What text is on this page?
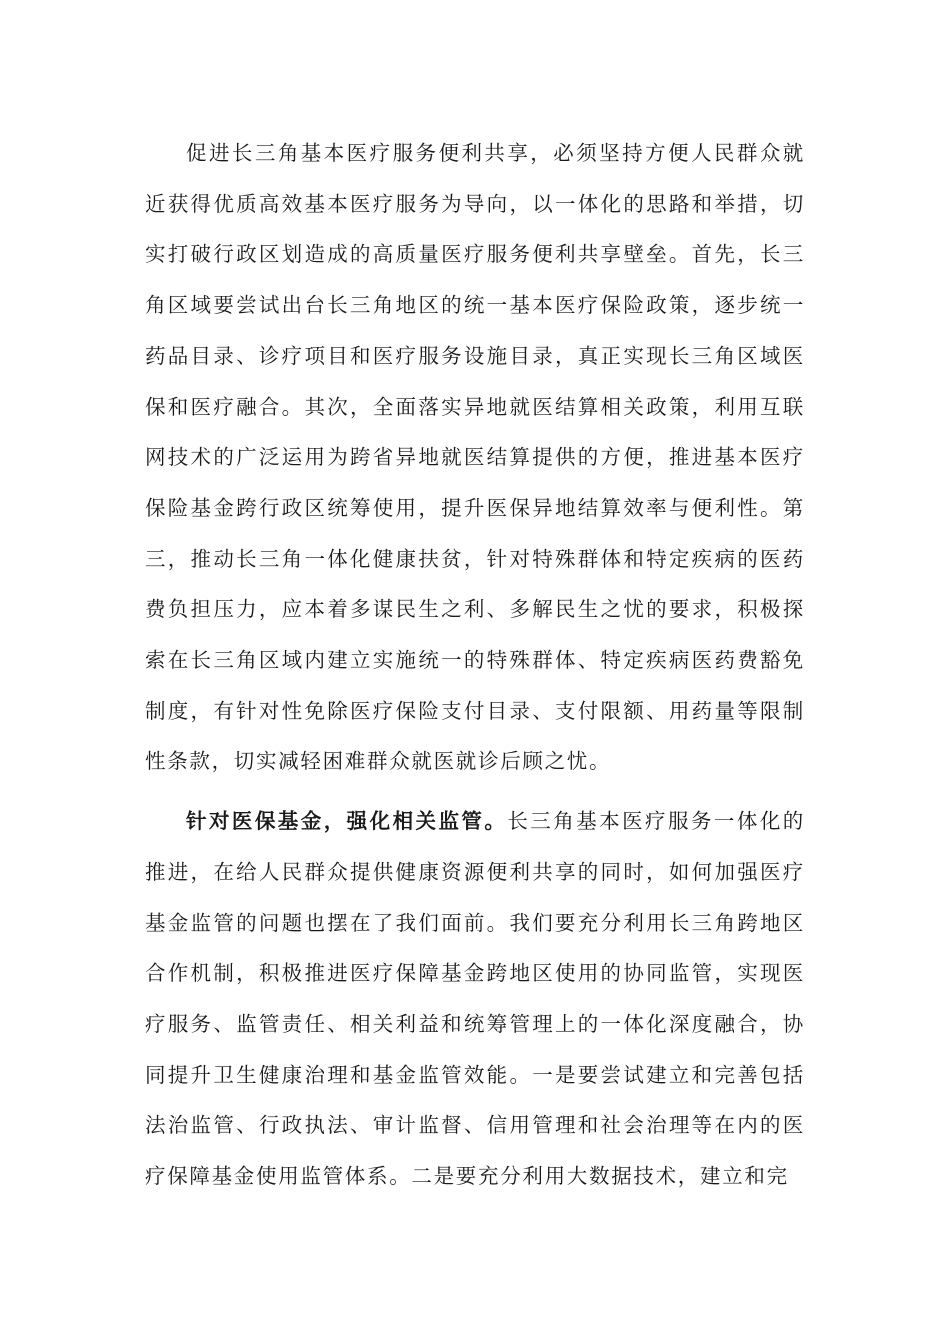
促进长三角基本医疗服务便利共享，必须坚持方便人民群众就近获得优质高效基本医疗服务为导向，以一体化的思路和举措，切实打破行政区划造成的高质量医疗服务便利共享壁垒。首先，长三角区域要尝试出台长三角地区的统一基本医疗保险政策，逐步统一药品目录、诊疗项目和医疗服务设施目录，真正实现长三角区域医保和医疗融合。其次，全面落实异地就医结算相关政策，利用互联网技术的广泛运用为跨省异地就医结算提供的方便，推进基本医疗保险基金跨行政区统筹使用，提升医保异地结算效率与便利性。第三，推动长三角一体化健康扶贫，针对特殊群体和特定疾病的医药费负担压力，应本着多谋民生之利、多解民生之忧的要求，积极探索在长三角区域内建立实施统一的特殊群体、特定疾病医药费豁免制度，有针对性免除医疗保险支付目录、支付限额、用药量等限制性条款，切实减轻困难群众就医就诊后顾之忧。

针对医保基金，强化相关监管。长三角基本医疗服务一体化的推进，在给人民群众提供健康资源便利共享的同时，如何加强医疗基金监管的问题也摆在了我们面前。我们要充分利用长三角跨地区合作机制，积极推进医疗保障基金跨地区使用的协同监管，实现医疗服务、监管责任、相关利益和统筹管理上的一体化深度融合，协同提升卫生健康治理和基金监管效能。一是要尝试建立和完善包括法治监管、行政执法、审计监督、信用管理和社会治理等在内的医疗保障基金使用监管体系。二是要充分利用大数据技术，建立和完
